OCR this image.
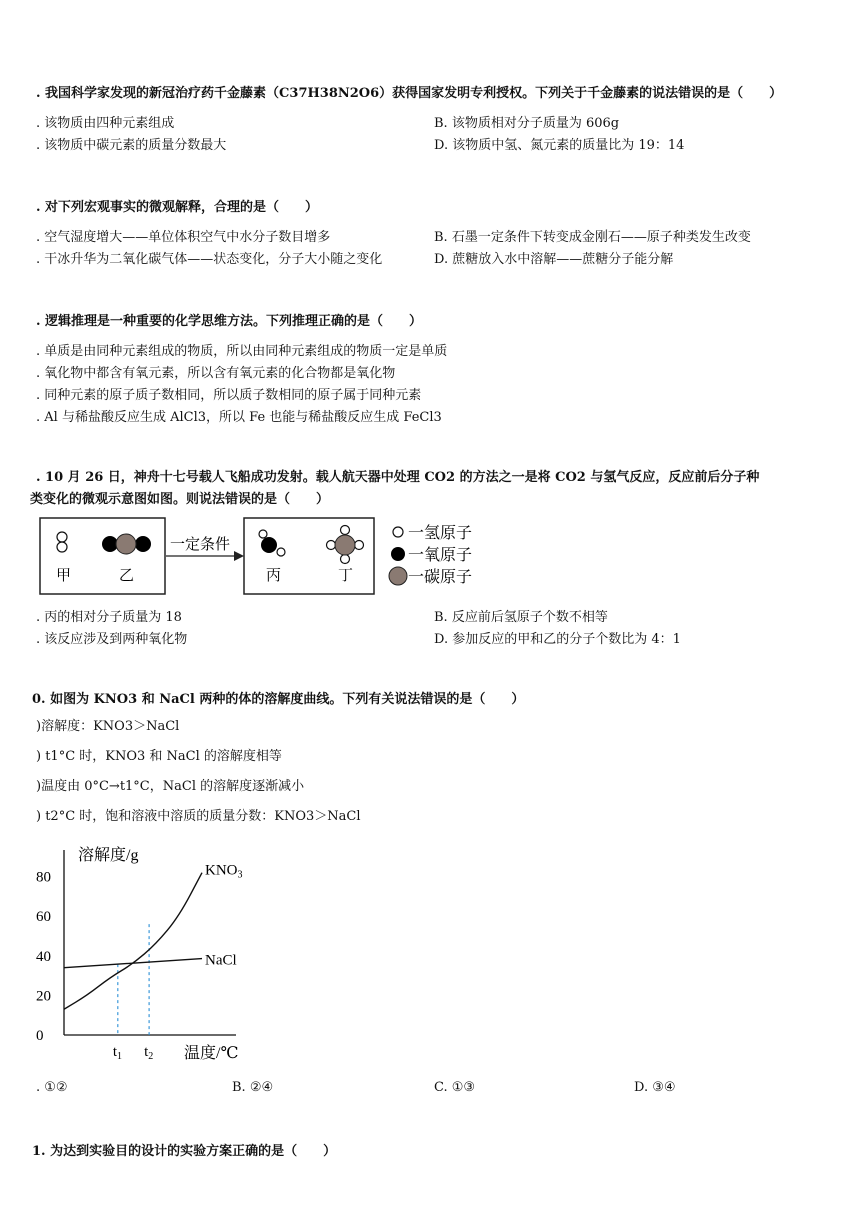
. 我国科学家发现的新冠治疗药千金藤素（C37H38N2O6）获得国家发明专利授权。下列关于千金藤素的说法错误的是（　　）
. 该物质由四种元素组成	B. 该物质相对分子质量为 606g
. 该物质中碳元素的质量分数最大	D. 该物质中氢、氮元素的质量比为 19：14
. 对下列宏观事实的微观解释，合理的是（　　）
. 空气湿度增大——单位体积空气中水分子数目增多	B. 石墨一定条件下转变成金刚石——原子种类发生改变
. 干冰升华为二氧化碳气体——状态变化，分子大小随之变化	D. 蔗糖放入水中溶解——蔗糖分子能分解
. 逻辑推理是一种重要的化学思维方法。下列推理正确的是（　　）
. 单质是由同种元素组成的物质，所以由同种元素组成的物质一定是单质
. 氧化物中都含有氧元素，所以含有氧元素的化合物都是氧化物
. 同种元素的原子质子数相同，所以质子数相同的原子属于同种元素
. Al 与稀盐酸反应生成 AlCl3，所以 Fe 也能与稀盐酸反应生成 FeCl3
. 10 月 26 日，神舟十七号载人飞船成功发射。载人航天器中处理 CO2 的方法之一是将 CO2 与氢气反应，反应前后分子种
类变化的微观示意图如图。则说法错误的是（　　）
甲	乙
一定条件
丙	丁
一氢原子
一氧原子
一碳原子
. 丙的相对分子质量为 18	B. 反应前后氢原子个数不相等
. 该反应涉及到两种氧化物	D. 参加反应的甲和乙的分子个数比为 4：1
0. 如图为 KNO3 和 NaCl 两种的体的溶解度曲线。下列有关说法错误的是（　　）
)溶解度：KNO3＞NaCl
) t1°C 时，KNO3 和 NaCl 的溶解度相等
)温度由 0°C→t1°C，NaCl 的溶解度逐渐减小
) t2°C 时，饱和溶液中溶质的质量分数：KNO3＞NaCl
溶解度/g
温度/℃
80
60
40
20
0
$t_1$ $t_2$
$KNO_3$
NaCl
. ①②	B. ②④	C. ①③	D. ③④
1. 为达到实验目的设计的实验方案正确的是（　　）
